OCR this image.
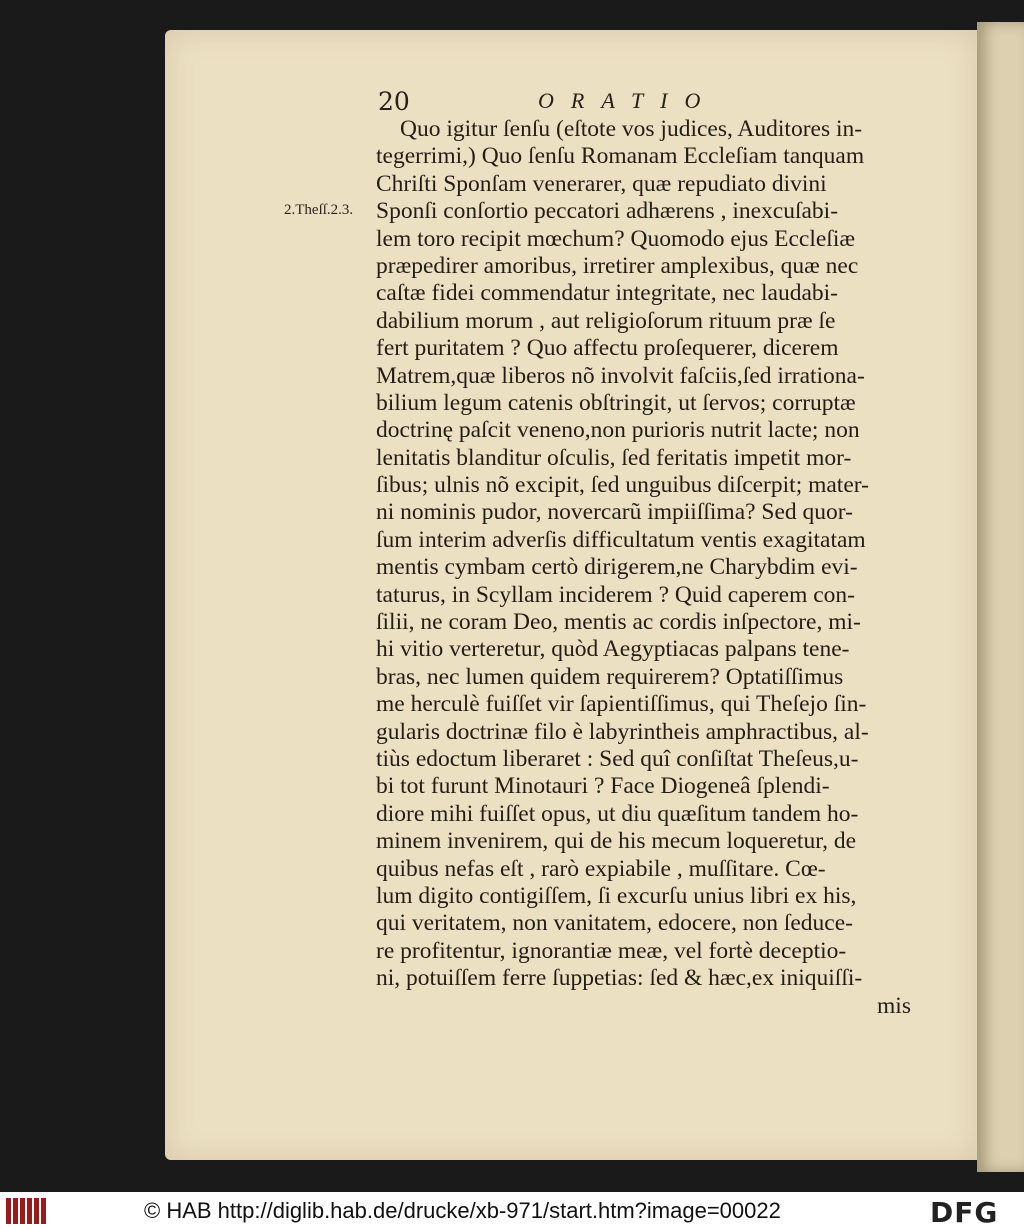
20	ORATIO
2.Theſſ.2.3.
Quo igitur ſenſu (eſtote vos judices, Auditores in-
tegerrimi,) Quo ſenſu Romanam Eccleſiam tanquam
Chriſti Sponſam venerarer, quæ repudiato divini
Sponſi conſortio peccatori adhærens , inexcuſabi-
lem toro recipit mœchum? Quomodo ejus Eccleſiæ
præpedirer amoribus, irretirer amplexibus, quæ nec
caſtæ fidei commendatur integritate, nec laudabi-
dabilium morum , aut religioſorum rituum præ ſe
fert puritatem ? Quo affectu proſequerer, dicerem
Matrem,quæ liberos nõ involvit faſciis,ſed irrationa-
bilium legum catenis obſtringit, ut ſervos; corruptæ
doctrinę paſcit veneno,non purioris nutrit lacte; non
lenitatis blanditur oſculis, ſed feritatis impetit mor-
ſibus; ulnis nõ excipit, ſed unguibus diſcerpit; mater-
ni nominis pudor, novercarũ impiiſſima? Sed quor-
ſum interim adverſis difficultatum ventis exagitatam
mentis cymbam certò dirigerem,ne Charybdim evi-
taturus, in Scyllam inciderem ? Quid caperem con-
ſilii, ne coram Deo, mentis ac cordis inſpectore, mi-
hi vitio verteretur, quòd Aegyptiacas palpans tene-
bras, nec lumen quidem requirerem? Optatiſſimus
me herculè fuiſſet vir ſapientiſſimus, qui Theſejo ſin-
gularis doctrinæ filo è labyrintheis amphractibus, al-
tiùs edoctum liberaret : Sed quî conſiſtat Theſeus,u-
bi tot furunt Minotauri ? Face Diogeneâ ſplendi-
diore mihi fuiſſet opus, ut diu quæſitum tandem ho-
minem invenirem, qui de his mecum loqueretur, de
quibus nefas eſt , rarò expiabile , muſſitare. Cœ-
lum digito contigiſſem, ſi excurſu unius libri ex his,
qui veritatem, non vanitatem, edocere, non ſeduce-
re profitentur, ignorantiæ meæ, vel fortè deceptio-
ni, potuiſſem ferre ſuppetias: ſed & hæc,ex iniquiſſi-
mis
© HAB http://diglib.hab.de/drucke/xb-971/start.htm?image=00022	DFG
